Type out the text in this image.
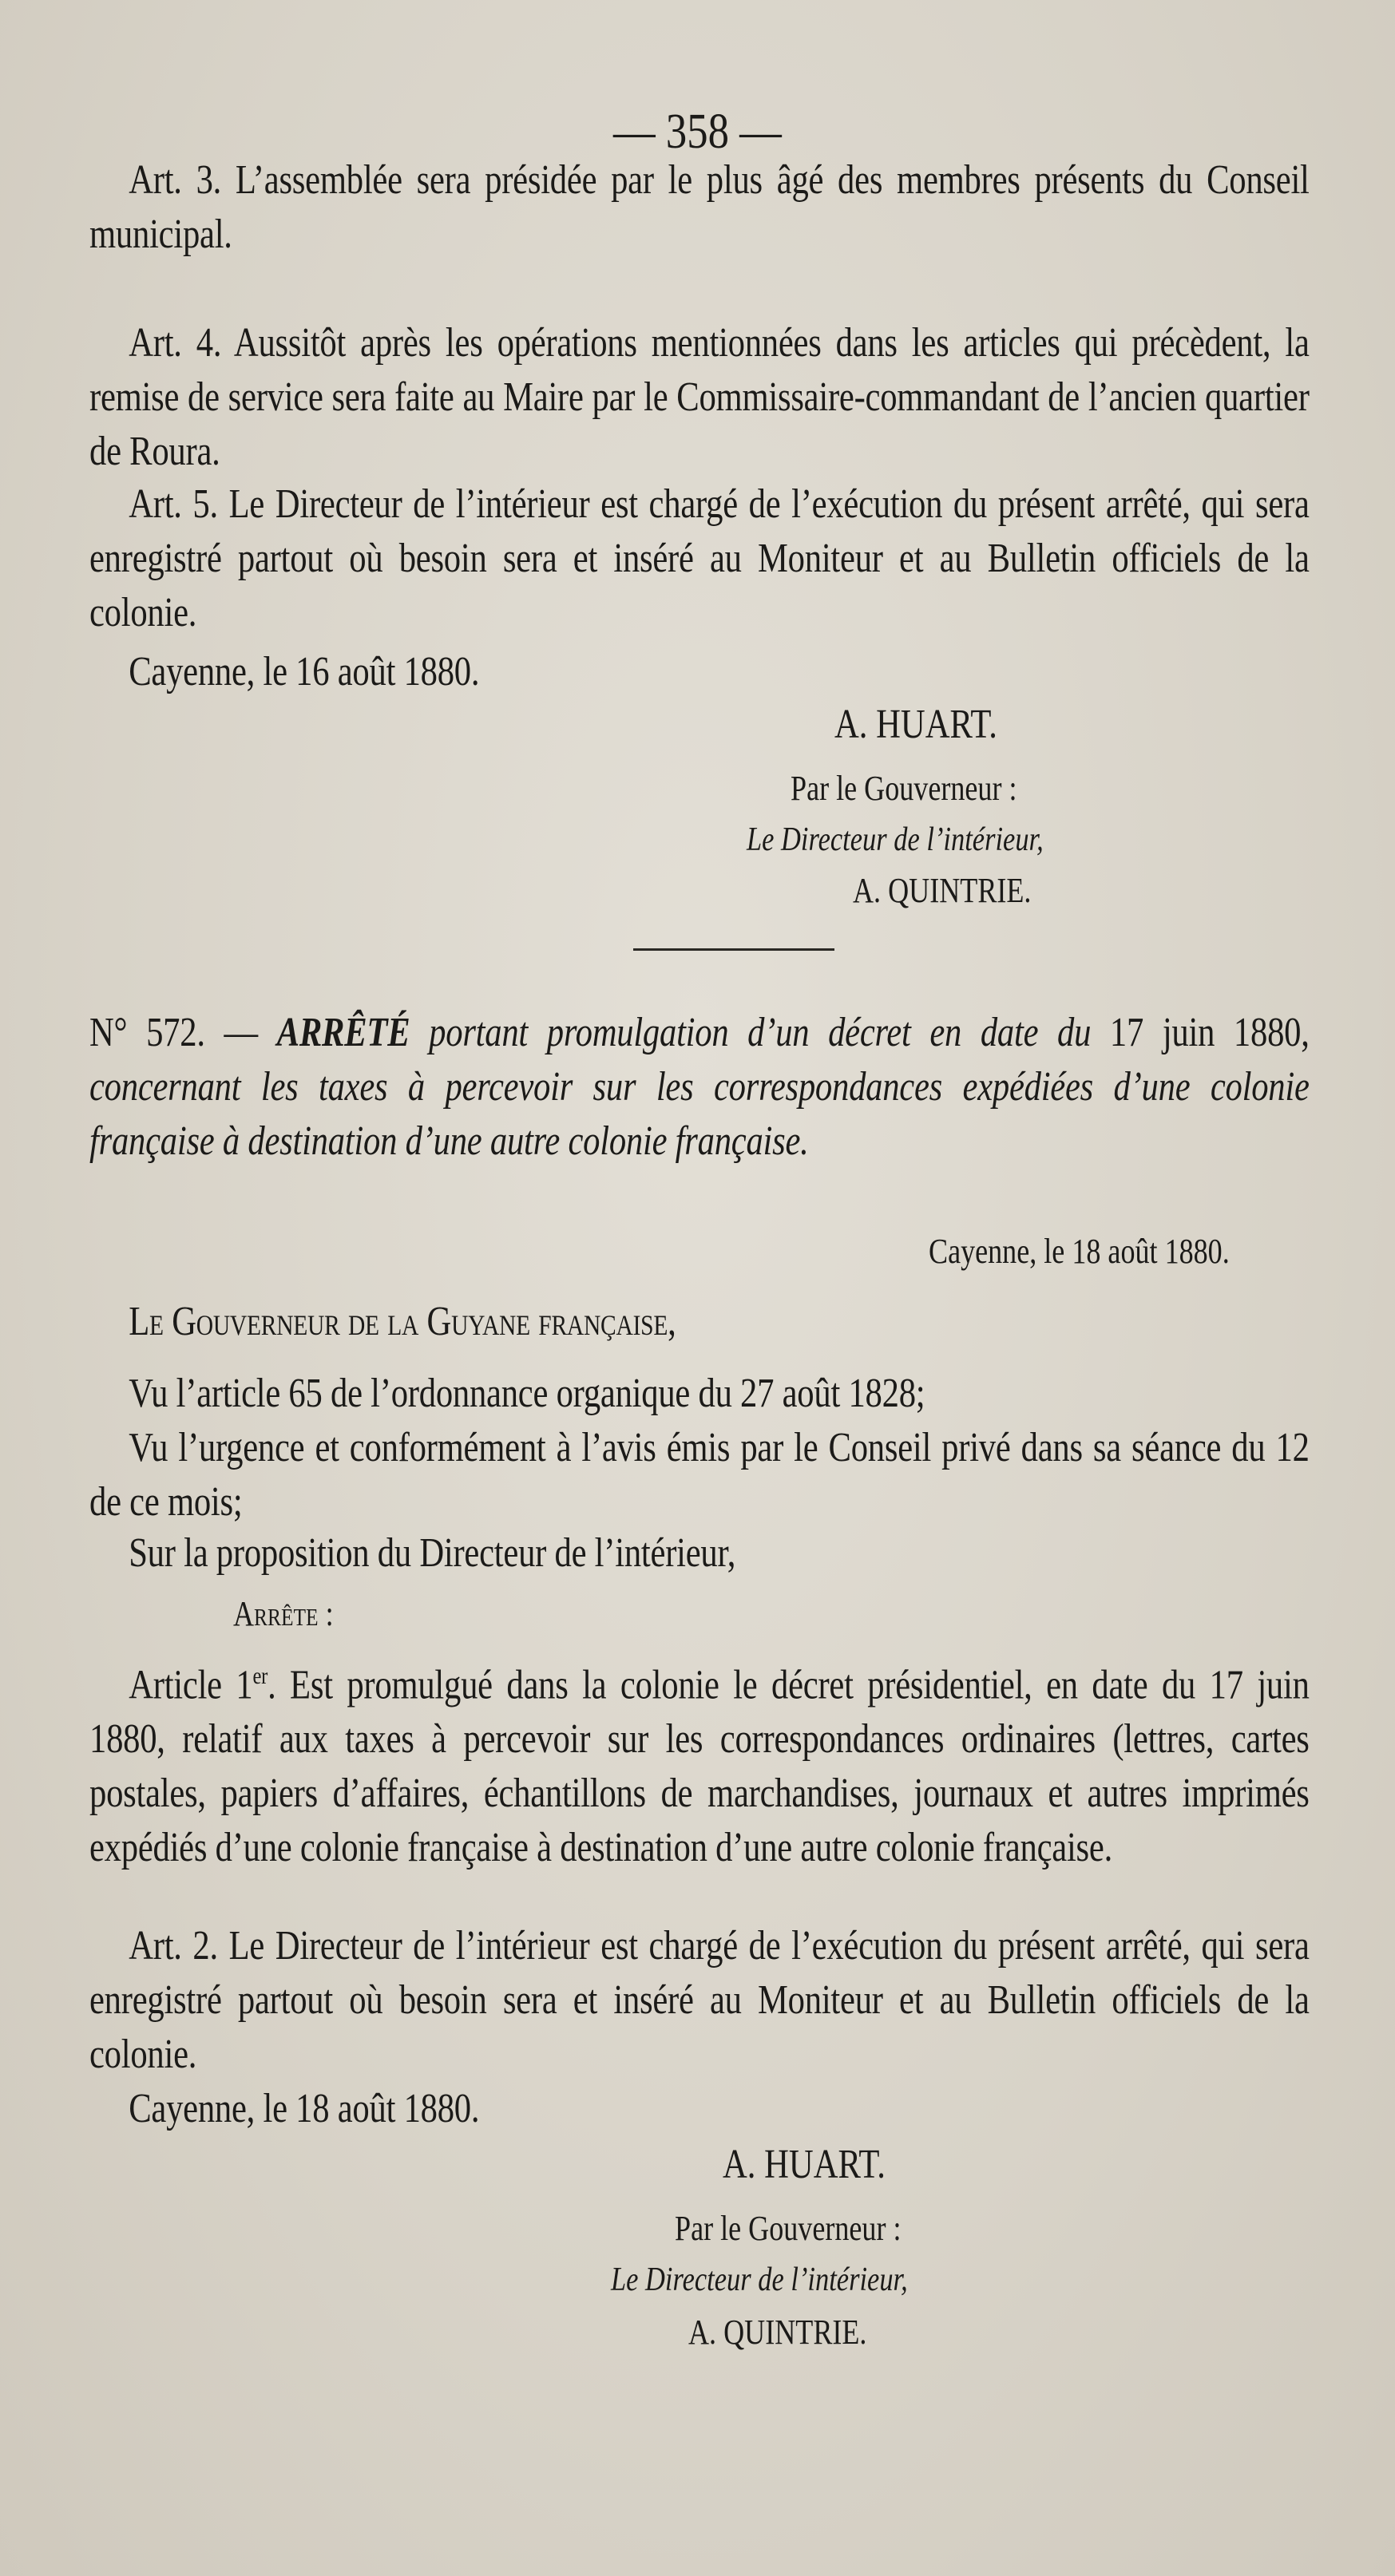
— 358 —

Art. 3. L’assemblée sera présidée par le plus âgé des membres présents du Conseil municipal.

Art. 4. Aussitôt après les opérations mentionnées dans les articles qui précèdent, la remise de service sera faite au Maire par le Commissaire-commandant de l’ancien quartier de Roura.

Art. 5. Le Directeur de l’intérieur est chargé de l’exécution du présent arrêté, qui sera enregistré partout où besoin sera et inséré au Moniteur et au Bulletin officiels de la colonie.

Cayenne, le 16 août 1880.

A. HUART.
Par le Gouverneur :
Le Directeur de l’intérieur,
A. QUINTRIE.

N° 572. — ARRÊTÉ portant promulgation d’un décret en date du 17 juin 1880, concernant les taxes à percevoir sur les correspondances expédiées d’une colonie française à destination d’une autre colonie française.

Cayenne, le 18 août 1880.

Le Gouverneur de la Guyane française,

Vu l’article 65 de l’ordonnance organique du 27 août 1828;

Vu l’urgence et conformément à l’avis émis par le Conseil privé dans sa séance du 12 de ce mois;

Sur la proposition du Directeur de l’intérieur,

Arrête :

Article 1er. Est promulgué dans la colonie le décret présidentiel, en date du 17 juin 1880, relatif aux taxes à percevoir sur les correspondances ordinaires (lettres, cartes postales, papiers d’affaires, échantillons de marchandises, journaux et autres imprimés expédiés d’une colonie française à destination d’une autre colonie française.

Art. 2. Le Directeur de l’intérieur est chargé de l’exécution du présent arrêté, qui sera enregistré partout où besoin sera et inséré au Moniteur et au Bulletin officiels de la colonie.

Cayenne, le 18 août 1880.

A. HUART.
Par le Gouverneur :
Le Directeur de l’intérieur,
A. QUINTRIE.
